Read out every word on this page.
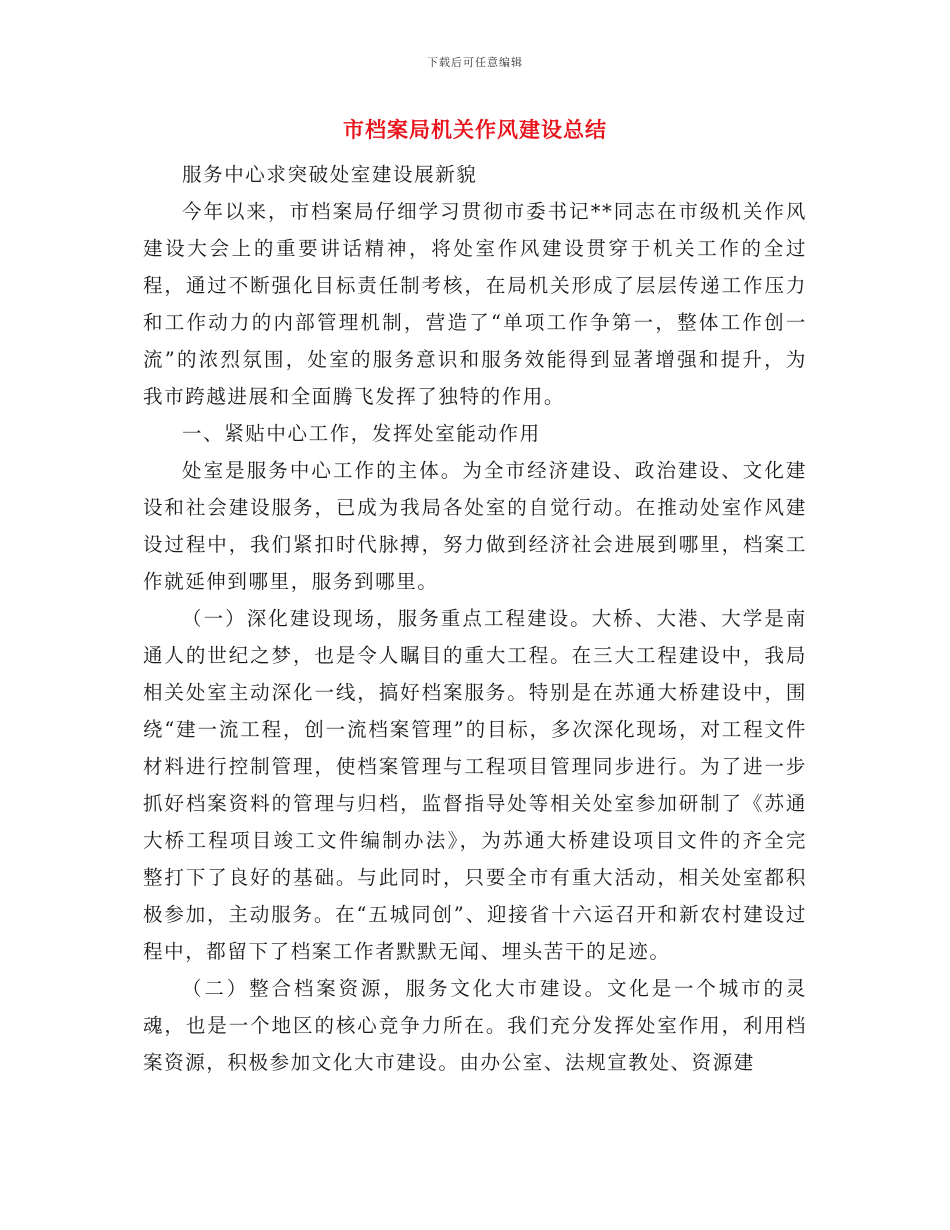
下载后可任意编辑
市档案局机关作风建设总结

服务中心求突破处室建设展新貌

今年以来，市档案局仔细学习贯彻市委书记**同志在市级机关作风建设大会上的重要讲话精神，将处室作风建设贯穿于机关工作的全过程，通过不断强化目标责任制考核，在局机关形成了层层传递工作压力和工作动力的内部管理机制，营造了“单项工作争第一，整体工作创一流”的浓烈氛围，处室的服务意识和服务效能得到显著增强和提升，为我市跨越进展和全面腾飞发挥了独特的作用。

一、紧贴中心工作，发挥处室能动作用

处室是服务中心工作的主体。为全市经济建设、政治建设、文化建设和社会建设服务，已成为我局各处室的自觉行动。在推动处室作风建设过程中，我们紧扣时代脉搏，努力做到经济社会进展到哪里，档案工作就延伸到哪里，服务到哪里。

（一）深化建设现场，服务重点工程建设。大桥、大港、大学是南通人的世纪之梦，也是令人瞩目的重大工程。在三大工程建设中，我局相关处室主动深化一线，搞好档案服务。特别是在苏通大桥建设中，围绕“建一流工程，创一流档案管理”的目标，多次深化现场，对工程文件材料进行控制管理，使档案管理与工程项目管理同步进行。为了进一步抓好档案资料的管理与归档，监督指导处等相关处室参加研制了《苏通大桥工程项目竣工文件编制办法》，为苏通大桥建设项目文件的齐全完整打下了良好的基础。与此同时，只要全市有重大活动，相关处室都积极参加，主动服务。在“五城同创”、迎接省十六运召开和新农村建设过程中，都留下了档案工作者默默无闻、埋头苦干的足迹。

（二）整合档案资源，服务文化大市建设。文化是一个城市的灵魂，也是一个地区的核心竞争力所在。我们充分发挥处室作用，利用档案资源，积极参加文化大市建设。由办公室、法规宣教处、资源建
